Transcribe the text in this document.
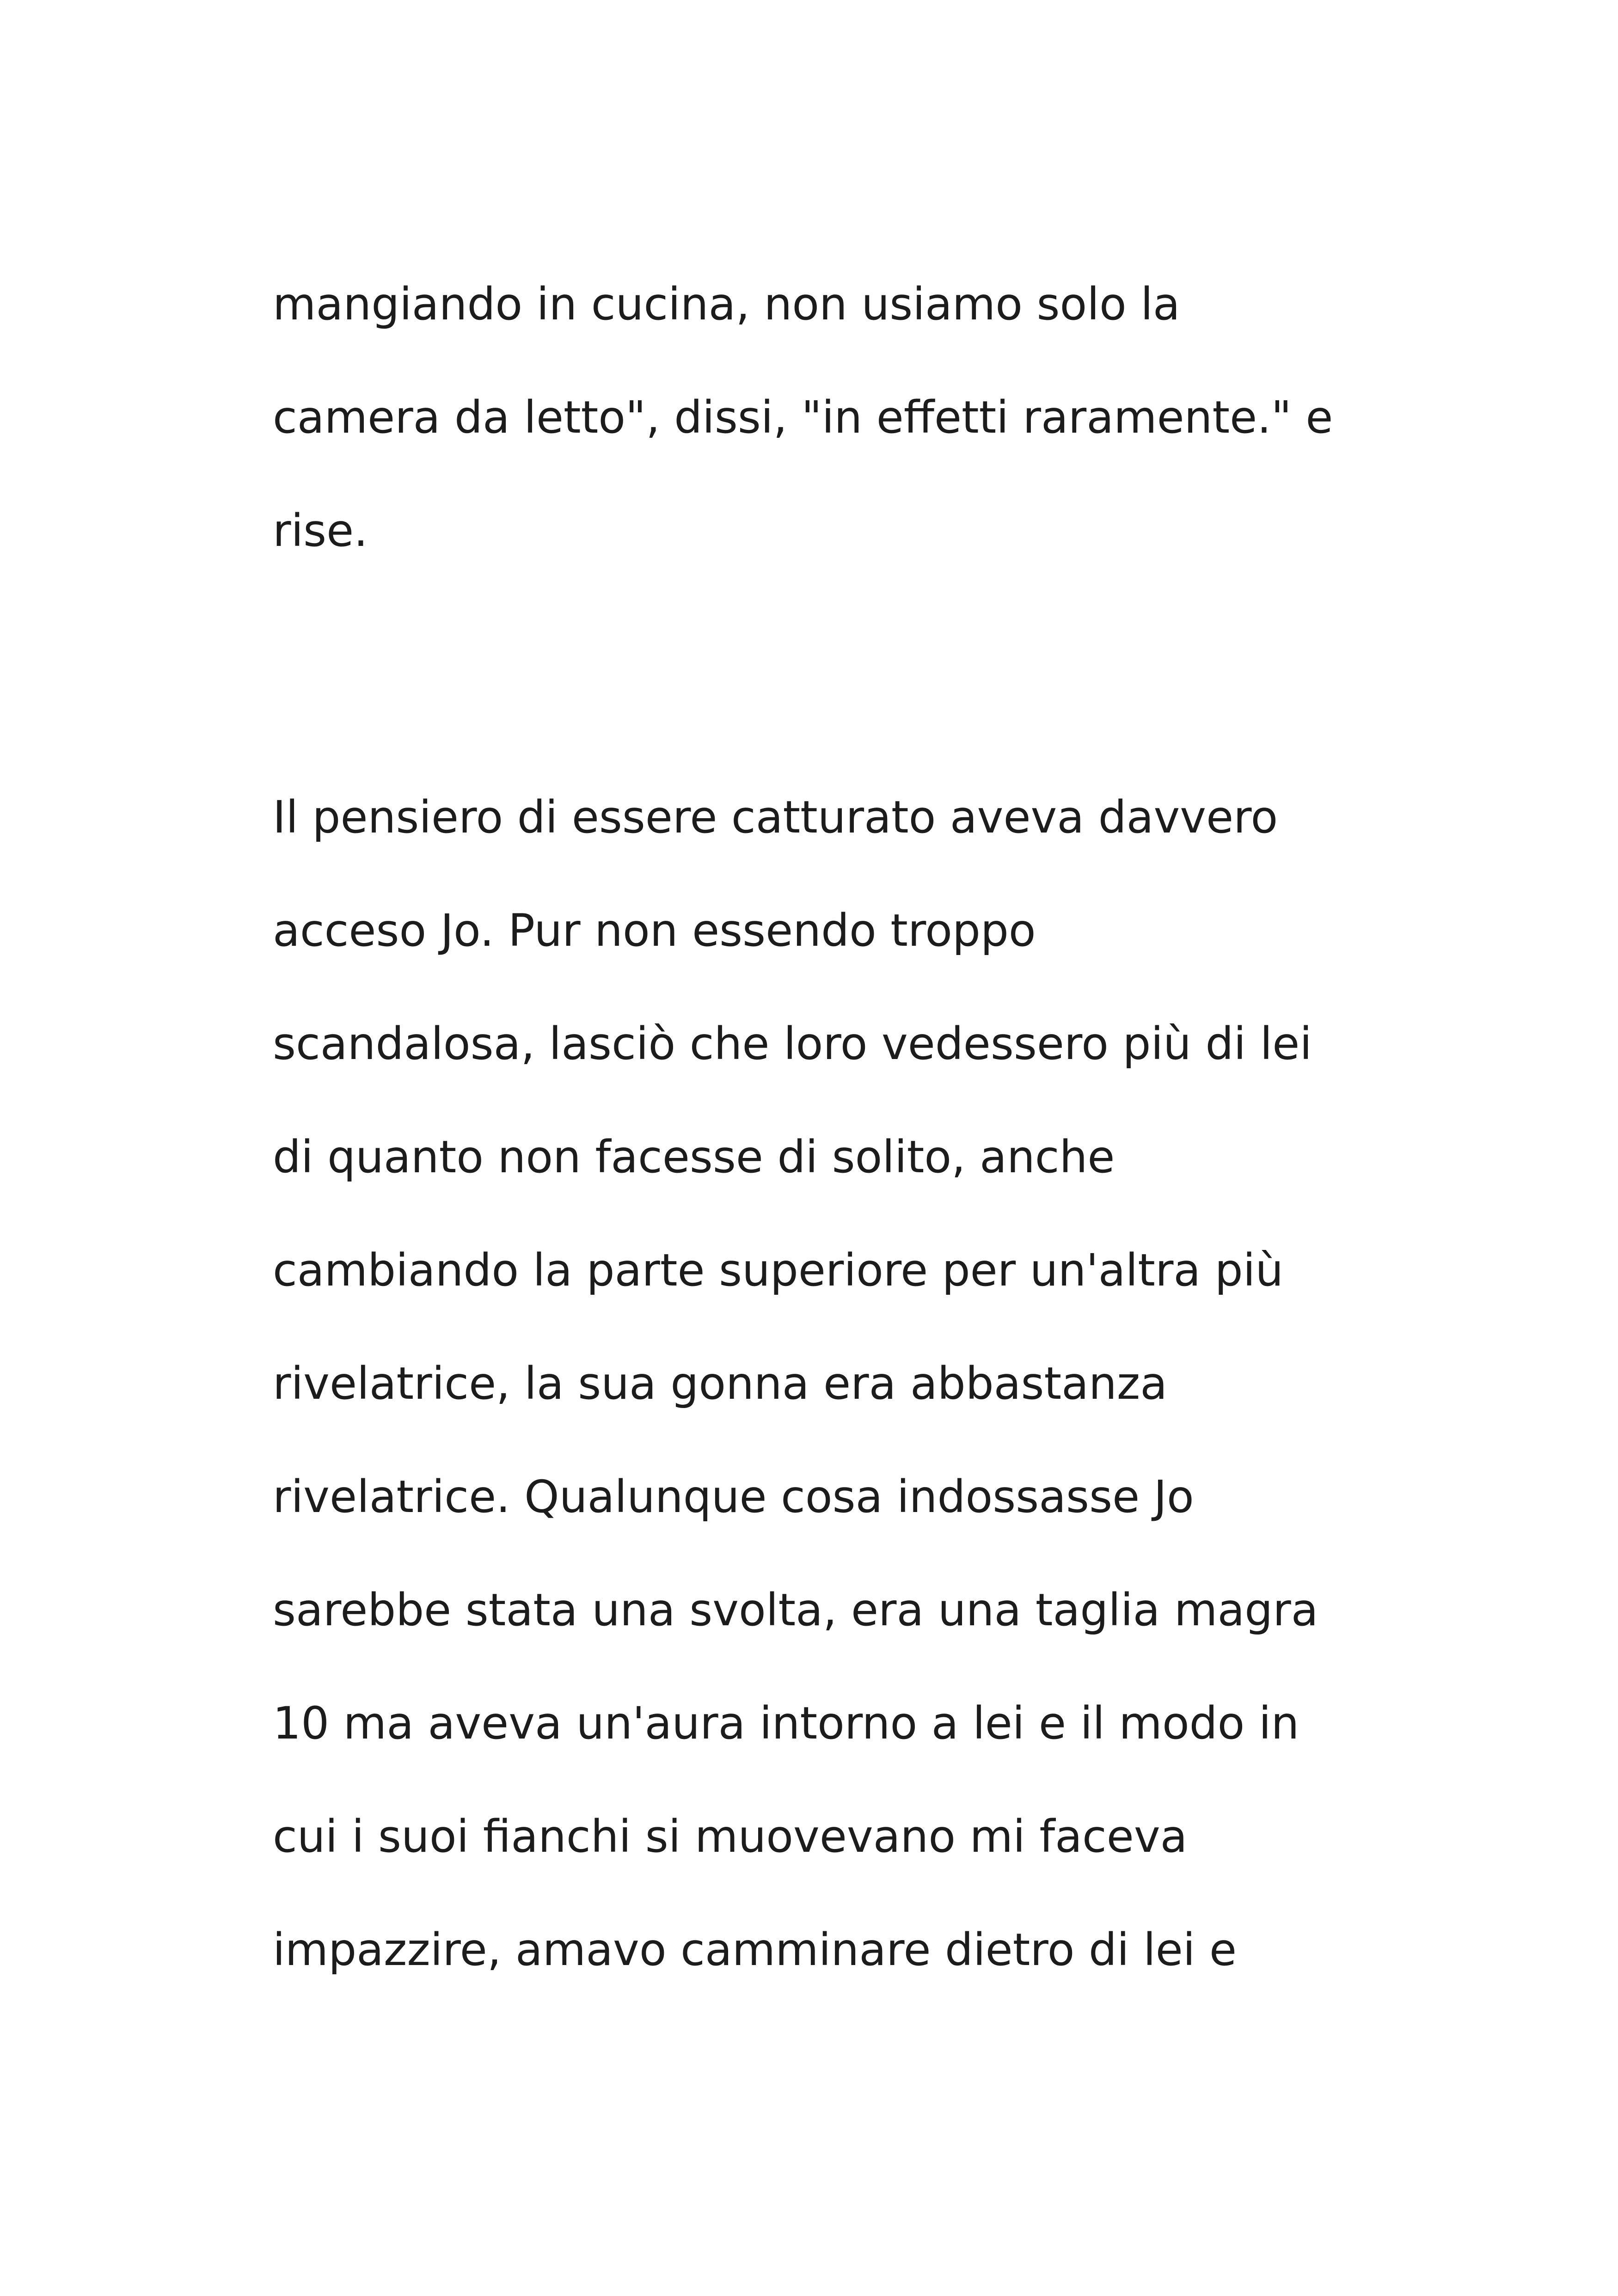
mangiando in cucina, non usiamo solo la
camera da letto", dissi, "in effetti raramente." e
rise.
Il pensiero di essere catturato aveva davvero
acceso Jo. Pur non essendo troppo
scandalosa, lasciò che loro vedessero più di lei
di quanto non facesse di solito, anche
cambiando la parte superiore per un'altra più
rivelatrice, la sua gonna era abbastanza
rivelatrice. Qualunque cosa indossasse Jo
sarebbe stata una svolta, era una taglia magra
10 ma aveva un'aura intorno a lei e il modo in
cui i suoi fianchi si muovevano mi faceva
impazzire, amavo camminare dietro di lei e
